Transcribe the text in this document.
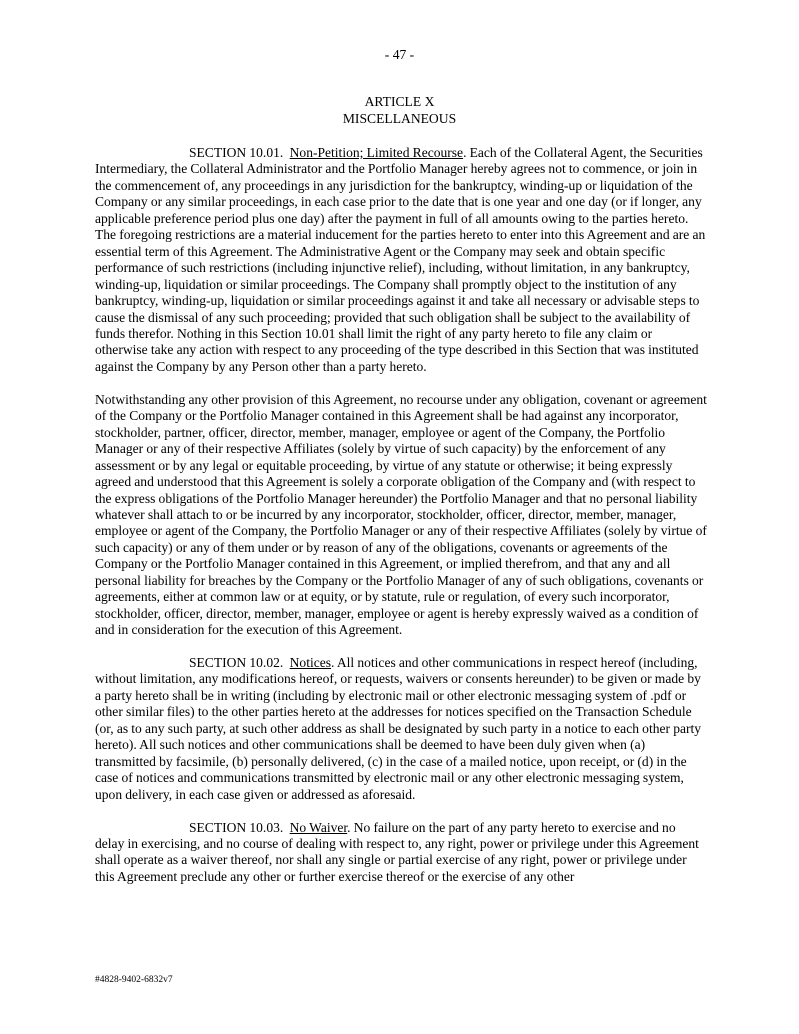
- 47 -
ARTICLE X
MISCELLANEOUS

SECTION 10.01. Non-Petition; Limited Recourse. Each of the Collateral Agent, the Securities Intermediary, the Collateral Administrator and the Portfolio Manager hereby agrees not to commence, or join in the commencement of, any proceedings in any jurisdiction for the bankruptcy, winding-up or liquidation of the Company or any similar proceedings, in each case prior to the date that is one year and one day (or if longer, any applicable preference period plus one day) after the payment in full of all amounts owing to the parties hereto. The foregoing restrictions are a material inducement for the parties hereto to enter into this Agreement and are an essential term of this Agreement. The Administrative Agent or the Company may seek and obtain specific performance of such restrictions (including injunctive relief), including, without limitation, in any bankruptcy, winding-up, liquidation or similar proceedings. The Company shall promptly object to the institution of any bankruptcy, winding-up, liquidation or similar proceedings against it and take all necessary or advisable steps to cause the dismissal of any such proceeding; provided that such obligation shall be subject to the availability of funds therefor. Nothing in this Section 10.01 shall limit the right of any party hereto to file any claim or otherwise take any action with respect to any proceeding of the type described in this Section that was instituted against the Company by any Person other than a party hereto.

Notwithstanding any other provision of this Agreement, no recourse under any obligation, covenant or agreement of the Company or the Portfolio Manager contained in this Agreement shall be had against any incorporator, stockholder, partner, officer, director, member, manager, employee or agent of the Company, the Portfolio Manager or any of their respective Affiliates (solely by virtue of such capacity) by the enforcement of any assessment or by any legal or equitable proceeding, by virtue of any statute or otherwise; it being expressly agreed and understood that this Agreement is solely a corporate obligation of the Company and (with respect to the express obligations of the Portfolio Manager hereunder) the Portfolio Manager and that no personal liability whatever shall attach to or be incurred by any incorporator, stockholder, officer, director, member, manager, employee or agent of the Company, the Portfolio Manager or any of their respective Affiliates (solely by virtue of such capacity) or any of them under or by reason of any of the obligations, covenants or agreements of the Company or the Portfolio Manager contained in this Agreement, or implied therefrom, and that any and all personal liability for breaches by the Company or the Portfolio Manager of any of such obligations, covenants or agreements, either at common law or at equity, or by statute, rule or regulation, of every such incorporator, stockholder, officer, director, member, manager, employee or agent is hereby expressly waived as a condition of and in consideration for the execution of this Agreement.

SECTION 10.02. Notices. All notices and other communications in respect hereof (including, without limitation, any modifications hereof, or requests, waivers or consents hereunder) to be given or made by a party hereto shall be in writing (including by electronic mail or other electronic messaging system of .pdf or other similar files) to the other parties hereto at the addresses for notices specified on the Transaction Schedule (or, as to any such party, at such other address as shall be designated by such party in a notice to each other party hereto). All such notices and other communications shall be deemed to have been duly given when (a) transmitted by facsimile, (b) personally delivered, (c) in the case of a mailed notice, upon receipt, or (d) in the case of notices and communications transmitted by electronic mail or any other electronic messaging system, upon delivery, in each case given or addressed as aforesaid.

SECTION 10.03. No Waiver. No failure on the part of any party hereto to exercise and no delay in exercising, and no course of dealing with respect to, any right, power or privilege under this Agreement shall operate as a waiver thereof, nor shall any single or partial exercise of any right, power or privilege under this Agreement preclude any other or further exercise thereof or the exercise of any other

#4828-9402-6832v7
